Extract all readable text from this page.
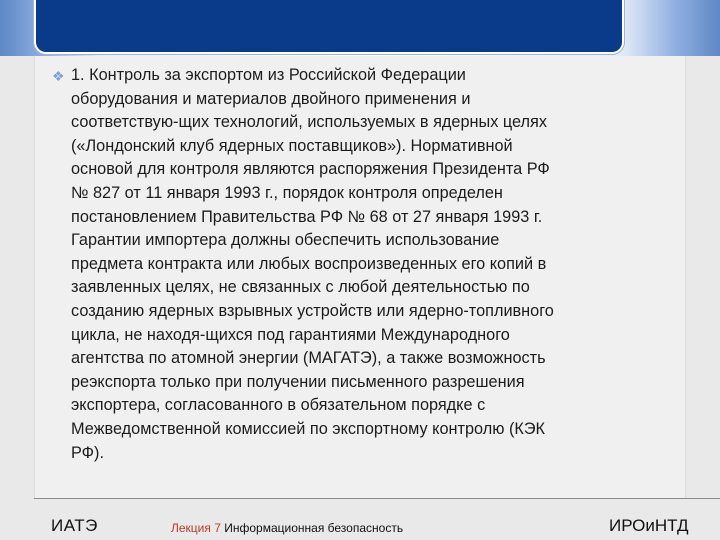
❖ 1. Контроль за экспортом из Российской Федерации
оборудования и материалов двойного применения и
соответствую-щих технологий, используемых в ядерных целях
(«Лондонский клуб ядерных поставщиков»). Нормативной
основой для контроля являются распоряжения Президента РФ
№ 827 от 11 января 1993 г., порядок контроля определен
постановлением Правительства РФ № 68 от 27 января 1993 г.
Гарантии импортера должны обеспечить использование
предмета контракта или любых воспроизведенных его копий в
заявленных целях, не связанных с любой деятельностью по
созданию ядерных взрывных устройств или ядерно-топливного
цикла, не находя-щихся под гарантиями Международного
агентства по атомной энергии (МАГАТЭ), а также возможность
реэкспорта только при получении письменного разрешения
экспортера, согласованного в обязательном порядке с
Межведомственной комиссией по экспортному контролю (КЭК
РФ).

ИАТЭ	Лекция 7 Информационная безопасность	ИРОиНТД
